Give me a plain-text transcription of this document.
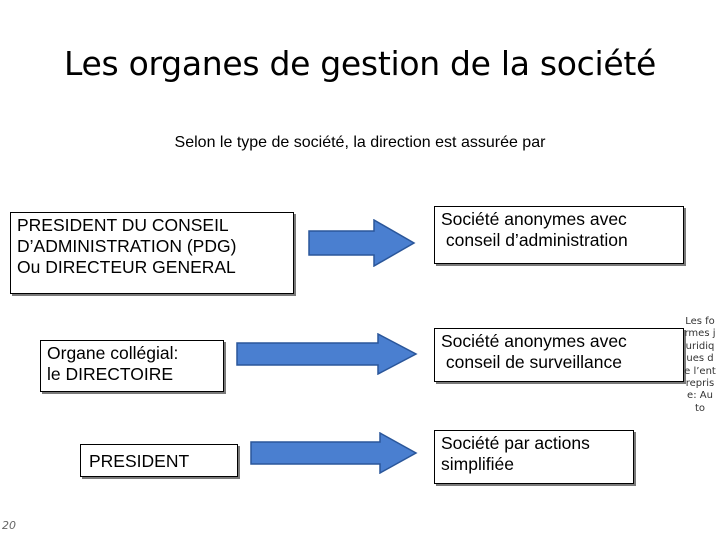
Les organes de gestion de la société
Selon le type de société, la direction est assurée par
PRESIDENT DU CONSEIL
D’ADMINISTRATION (PDG)
Ou DIRECTEUR GENERAL
Société anonymes avec
conseil d’administration
Organe collégial:
le DIRECTOIRE
Société anonymes avec
conseil de surveillance
PRESIDENT
Société par actions
simplifiée
Les formes juridiques de l’entreprise: Au to
20
